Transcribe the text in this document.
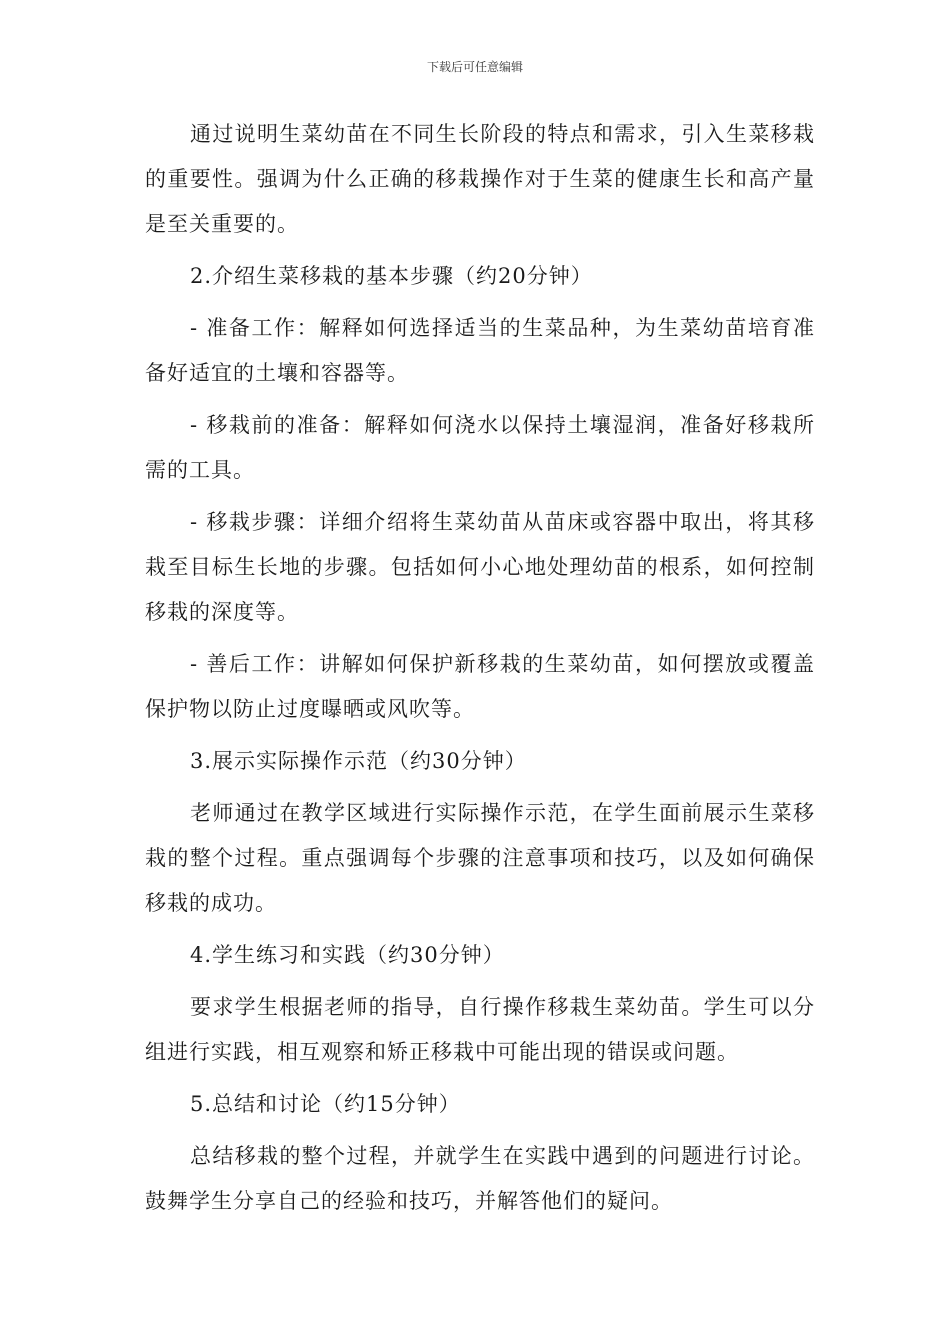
下载后可任意编辑

通过说明生菜幼苗在不同生长阶段的特点和需求，引入生菜移栽的重要性。强调为什么正确的移栽操作对于生菜的健康生长和高产量是至关重要的。

2.介绍生菜移栽的基本步骤（约20分钟）

- 准备工作：解释如何选择适当的生菜品种，为生菜幼苗培育准备好适宜的土壤和容器等。

- 移栽前的准备：解释如何浇水以保持土壤湿润，准备好移栽所需的工具。

- 移栽步骤：详细介绍将生菜幼苗从苗床或容器中取出，将其移栽至目标生长地的步骤。包括如何小心地处理幼苗的根系，如何控制移栽的深度等。

- 善后工作：讲解如何保护新移栽的生菜幼苗，如何摆放或覆盖保护物以防止过度曝晒或风吹等。

3.展示实际操作示范（约30分钟）

老师通过在教学区域进行实际操作示范，在学生面前展示生菜移栽的整个过程。重点强调每个步骤的注意事项和技巧，以及如何确保移栽的成功。

4.学生练习和实践（约30分钟）

要求学生根据老师的指导，自行操作移栽生菜幼苗。学生可以分组进行实践，相互观察和矫正移栽中可能出现的错误或问题。

5.总结和讨论（约15分钟）

总结移栽的整个过程，并就学生在实践中遇到的问题进行讨论。鼓舞学生分享自己的经验和技巧，并解答他们的疑问。
